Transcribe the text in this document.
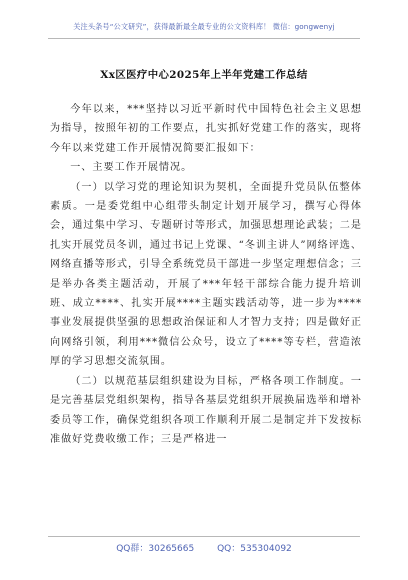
关注头条号“公文研究”，获得最新最全最专业的公文资料库！ 微信：gongwenyj
Xx区医疗中心2025年上半年党建工作总结

今年以来，***坚持以习近平新时代中国特色社会主义思想为指导，按照年初的工作要点，扎实抓好党建工作的落实，现将今年以来党建工作开展情况简要汇报如下：

一、主要工作开展情况。

（一）以学习党的理论知识为契机，全面提升党员队伍整体素质。一是委党组中心组带头制定计划开展学习，撰写心得体会，通过集中学习、专题研讨等形式，加强思想理论武装；二是扎实开展党员冬训，通过书记上党课、“冬训主讲人”网络评选、网络直播等形式，引导全系统党员干部进一步坚定理想信念；三是举办各类主题活动，开展了***年轻干部综合能力提升培训班、成立****、扎实开展****主题实践活动等，进一步为****事业发展提供坚强的思想政治保证和人才智力支持；四是做好正向网络引领，利用***微信公众号，设立了****等专栏，营造浓厚的学习思想交流氛围。

（二）以规范基层组织建设为目标，严格各项工作制度。一是完善基层党组织架构，指导各基层党组织开展换届选举和增补委员等工作，确保党组织各项工作顺利开展二是制定并下发按标准做好党费收缴工作；三是严格进一

QQ群：30265665	QQ：535304092
